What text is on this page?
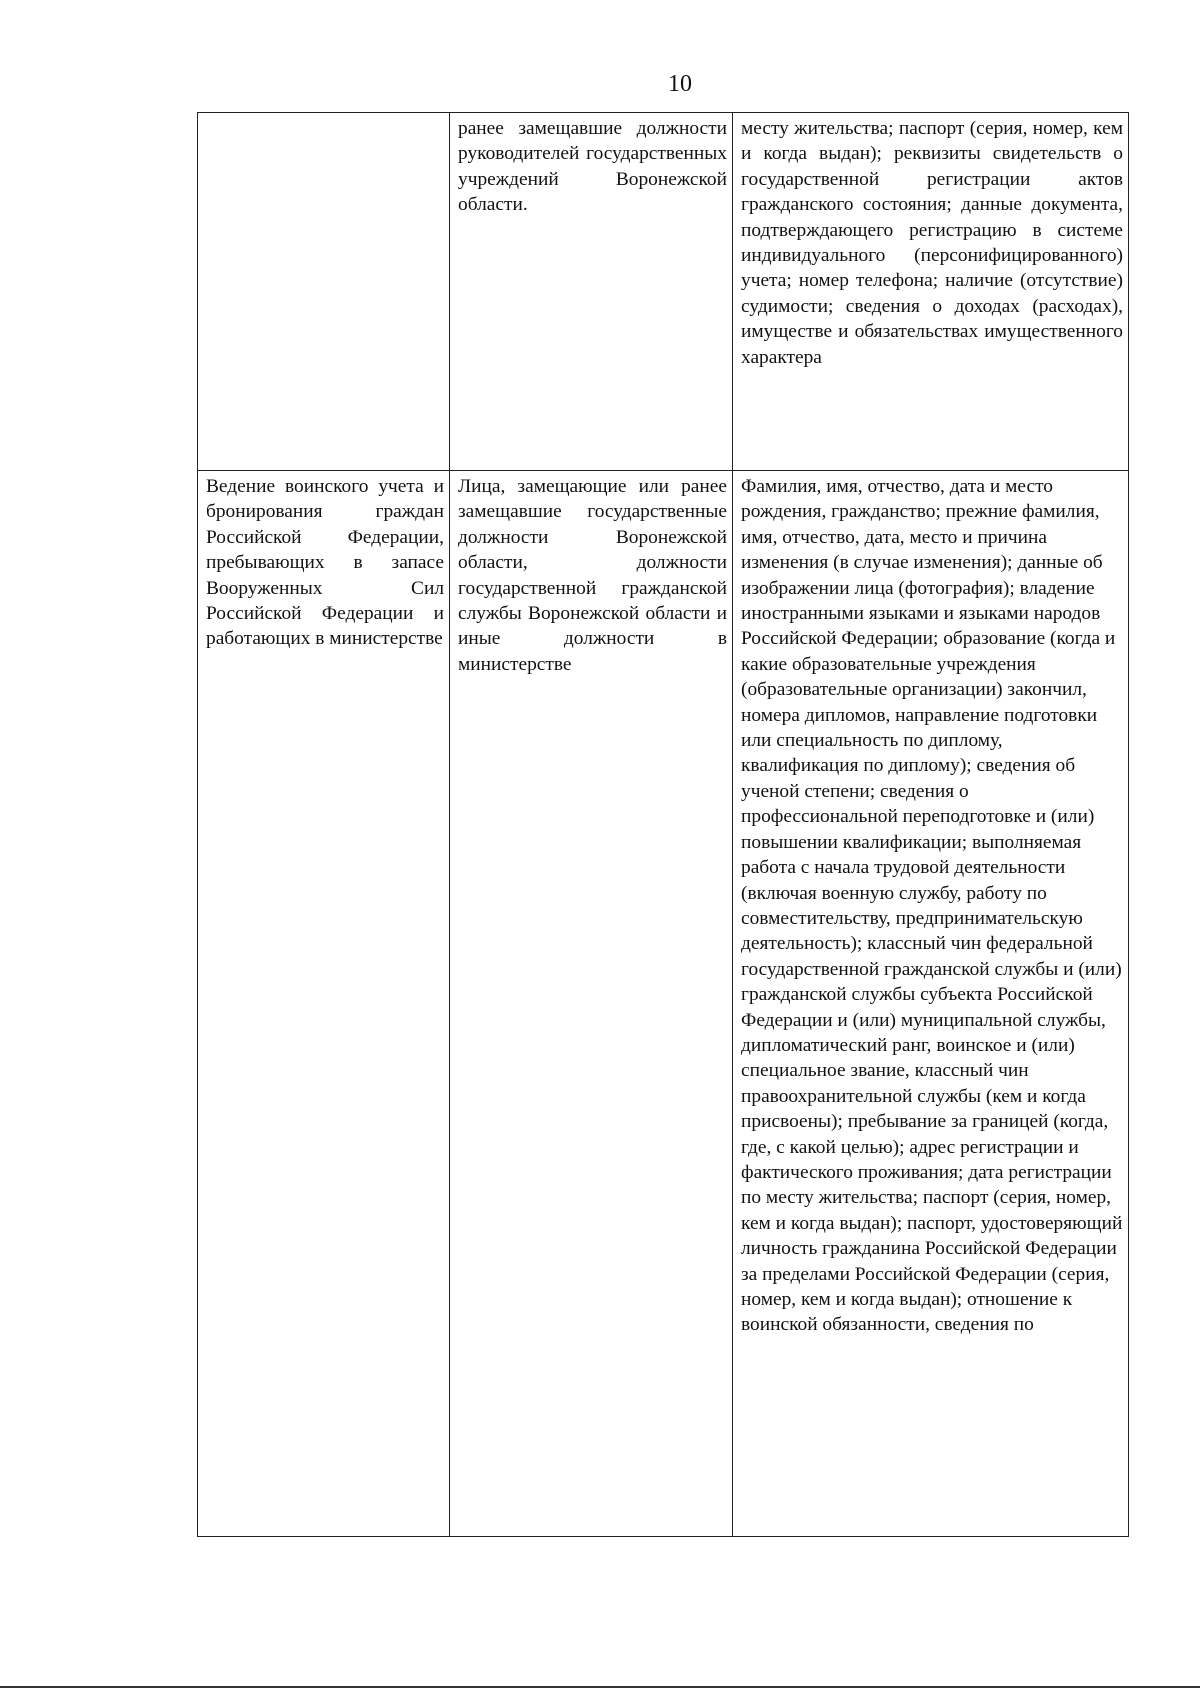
10

	ранее замещавшие должности руководителей государственных учреждений Воронежской области.	месту жительства; паспорт (серия, номер, кем и когда выдан); реквизиты свидетельств о государственной регистрации актов гражданского состояния; данные документа, подтверждающего регистрацию в системе индивидуального (персонифицированного) учета; номер телефона; наличие (отсутствие) судимости; сведения о доходах (расходах), имуществе и обязательствах имущественного характера

Ведение воинского учета и бронирования граждан Российской Федерации, пребывающих в запасе Вооруженных Сил Российской Федерации и работающих в министерстве	Лица, замещающие или ранее замещавшие государственные должности Воронежской области, должности государственной гражданской службы Воронежской области и иные должности в министерстве	Фамилия, имя, отчество, дата и место рождения, гражданство; прежние фамилия, имя, отчество, дата, место и причина изменения (в случае изменения); данные об изображении лица (фотография); владение иностранными языками и языками народов Российской Федерации; образование (когда и какие образовательные учреждения (образовательные организации) закончил, номера дипломов, направление подготовки или специальность по диплому, квалификация по диплому); сведения об ученой степени; сведения о профессиональной переподготовке и (или) повышении квалификации; выполняемая работа с начала трудовой деятельности (включая военную службу, работу по совместительству, предпринимательскую деятельность); классный чин федеральной государственной гражданской службы и (или) гражданской службы субъекта Российской Федерации и (или) муниципальной службы, дипломатический ранг, воинское и (или) специальное звание, классный чин правоохранительной службы (кем и когда присвоены); пребывание за границей (когда, где, с какой целью); адрес регистрации и фактического проживания; дата регистрации по месту жительства; паспорт (серия, номер, кем и когда выдан); паспорт, удостоверяющий личность гражданина Российской Федерации за пределами Российской Федерации (серия, номер, кем и когда выдан); отношение к воинской обязанности, сведения по
